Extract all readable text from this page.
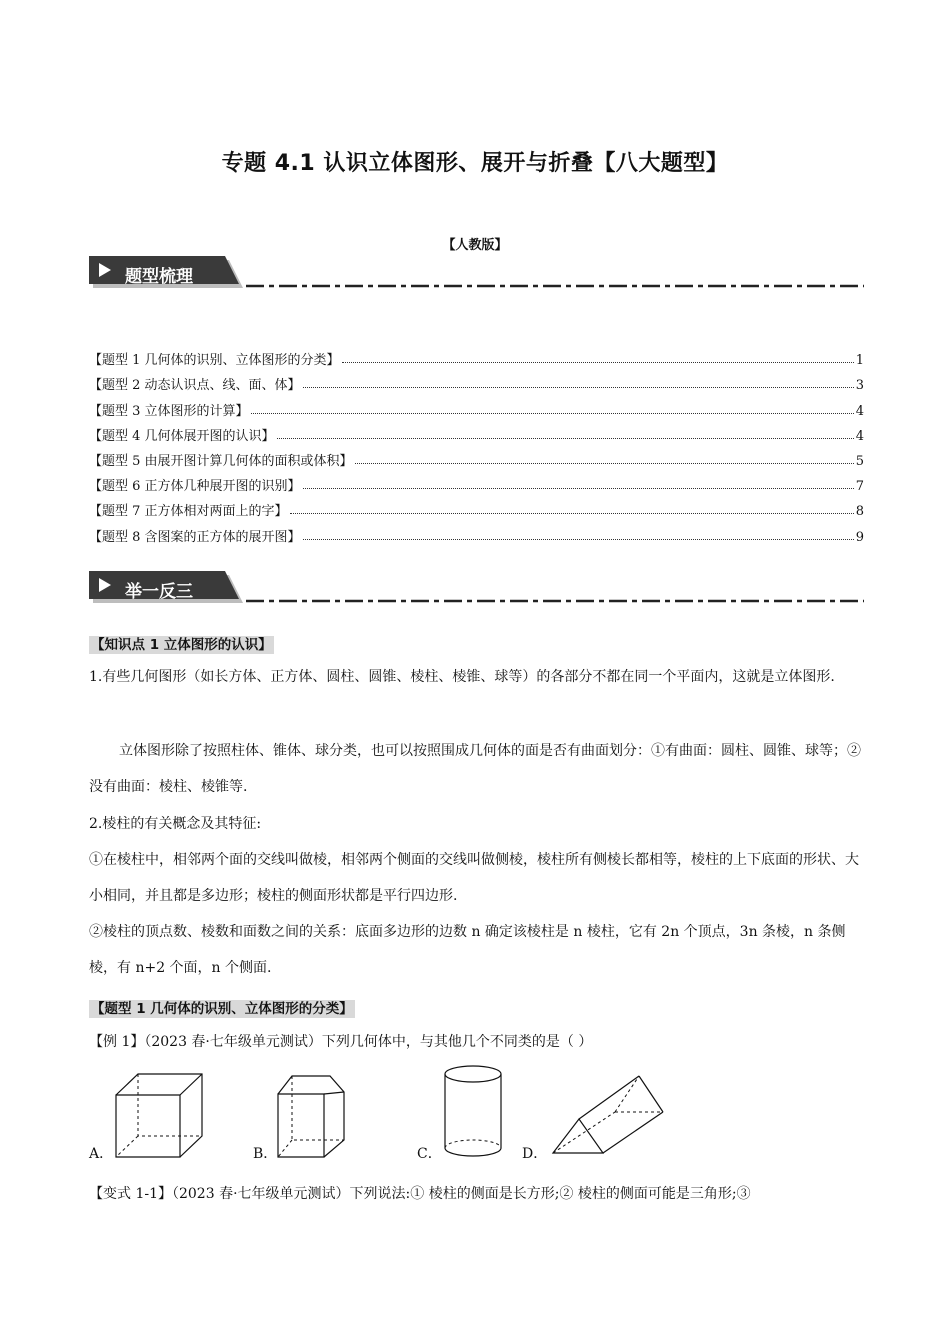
专题 4.1 认识立体图形、展开与折叠【八大题型】
【人教版】
题型梳理
【题型 1 几何体的识别、立体图形的分类】	1
【题型 2 动态认识点、线、面、体】	3
【题型 3 立体图形的计算】	4
【题型 4 几何体展开图的认识】	4
【题型 5 由展开图计算几何体的面积或体积】	5
【题型 6 正方体几种展开图的识别】	7
【题型 7 正方体相对两面上的字】	8
【题型 8 含图案的正方体的展开图】	9
举一反三
【知识点 1 立体图形的认识】
1.有些几何图形（如长方体、正方体、圆柱、圆锥、棱柱、棱锥、球等）的各部分不都在同一个平面内，这就是立体图形.
立体图形除了按照柱体、锥体、球分类，也可以按照围成几何体的面是否有曲面划分：①有曲面：圆柱、圆锥、球等；②没有曲面：棱柱、棱锥等.
2.棱柱的有关概念及其特征:
①在棱柱中，相邻两个面的交线叫做棱，相邻两个侧面的交线叫做侧棱，棱柱所有侧棱长都相等，棱柱的上下底面的形状、大小相同，并且都是多边形；棱柱的侧面形状都是平行四边形.
②棱柱的顶点数、棱数和面数之间的关系：底面多边形的边数 n 确定该棱柱是 n 棱柱，它有 2n 个顶点，3n 条棱，n 条侧棱，有 n+2 个面，n 个侧面.
【题型 1 几何体的识别、立体图形的分类】
【例 1】（2023 春·七年级单元测试）下列几何体中，与其他几个不同类的是（ ）
A．	B．	C．	D．
【变式 1-1】（2023 春·七年级单元测试）下列说法:① 棱柱的侧面是长方形;② 棱柱的侧面可能是三角形;③
